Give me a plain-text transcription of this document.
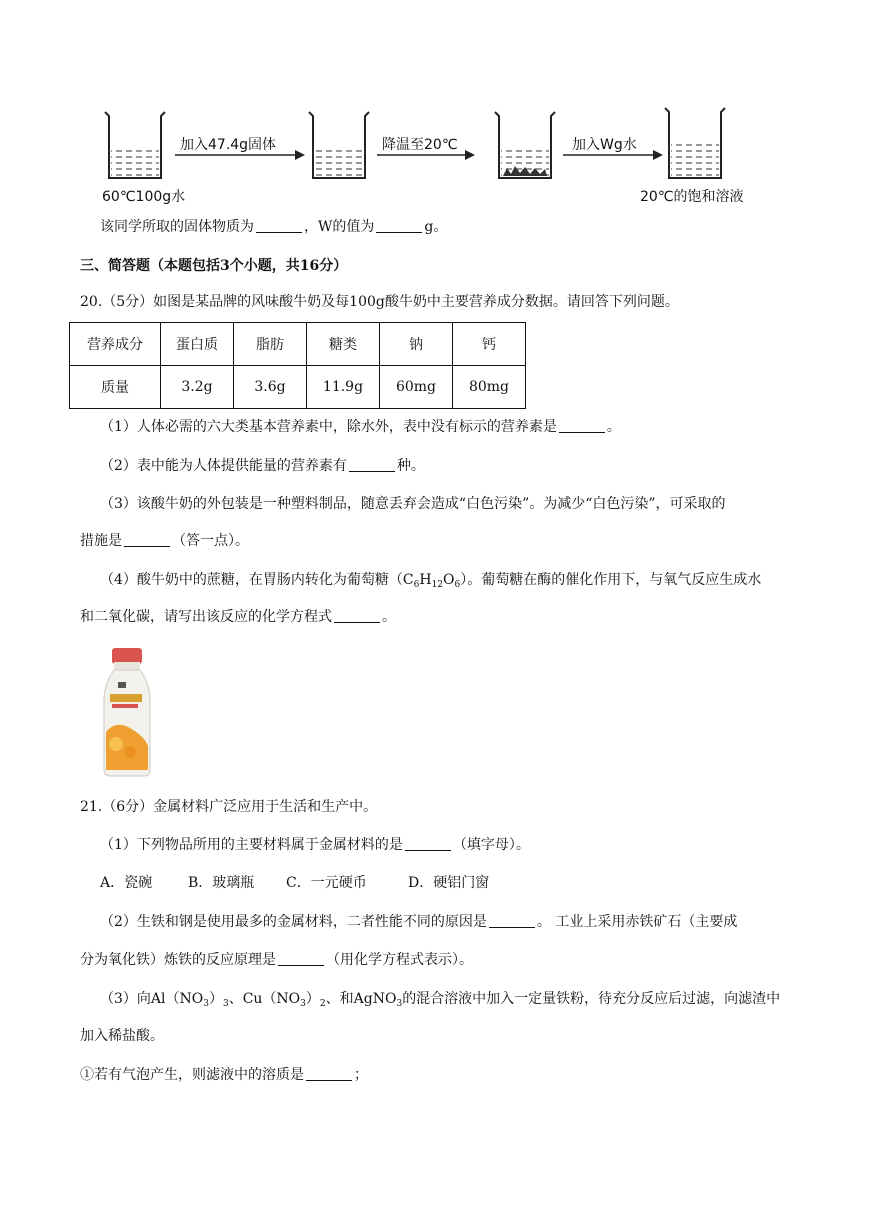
加入47.4g固体	降温至20℃	加入Wg水
60℃100g水	20℃的饱和溶液
该同学所取的固体物质为	，W的值为	g。
三、简答题（本题包括3个小题，共16分）
20.（5分）如图是某品牌的风味酸牛奶及每100g酸牛奶中主要营养成分数据。请回答下列问题。
营养成分	蛋白质	脂肪	糖类	钠	钙
质量	3.2g	3.6g	11.9g	60mg	80mg
（1）人体必需的六大类基本营养素中，除水外，表中没有标示的营养素是	。
（2）表中能为人体提供能量的营养素有	种。
（3）该酸牛奶的外包装是一种塑料制品，随意丢弃会造成“白色污染”。为减少“白色污染”，可采取的
措施是	（答一点）。
（4）酸牛奶中的蔗糖，在胃肠内转化为葡萄糖$(C_6H_{12}O_6)$。葡萄糖在酶的催化作用下，与氧气反应生成水
和二氧化碳，请写出该反应的化学方程式	。
21.（6分）金属材料广泛应用于生活和生产中。
（1）下列物品所用的主要材料属于金属材料的是	（填字母）。
A．瓷碗	B．玻璃瓶 C．一元硬币	D．硬铝门窗
（2）生铁和钢是使用最多的金属材料，二者性能不同的原因是	。 工业上采用赤铁矿石（主要成
分为氧化铁）炼铁的反应原理是	（用化学方程式表示）。
（3）向$Al(NO_3)_3$、$Cu(NO_3)_2$、和AgNO$_3$的混合溶液中加入一定量铁粉，待充分反应后过滤，向滤渣中
加入稀盐酸。
①若有气泡产生，则滤液中的溶质是	；
